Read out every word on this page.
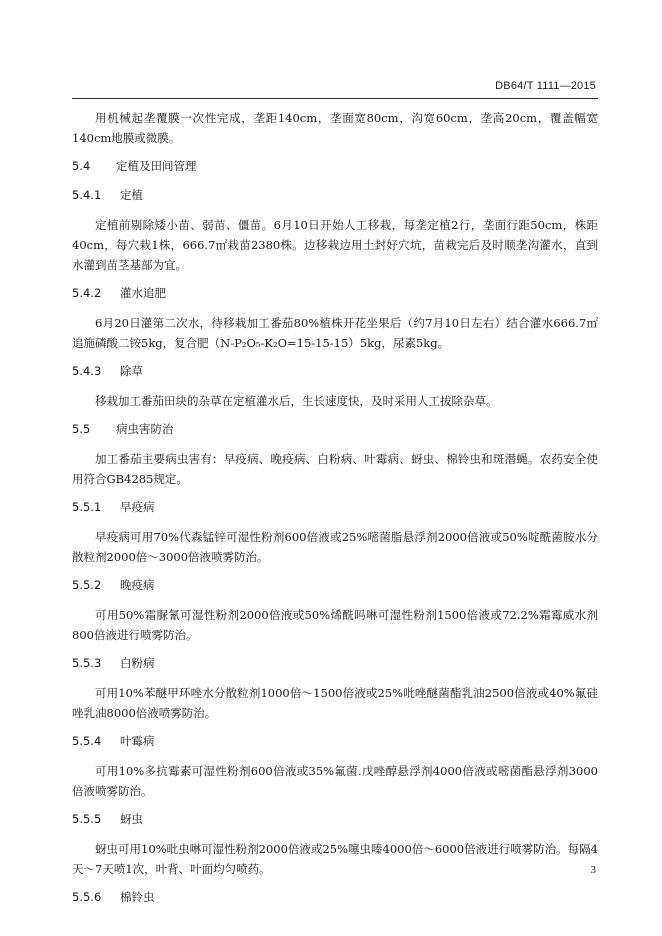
DB64/T 1111—2015

用机械起垄覆膜一次性完成，垄距140cm，垄面宽80cm，沟宽60cm，垄高20cm，覆盖幅宽140cm地膜或微膜。

5.4	定植及田间管理
5.4.1	定植

定植前剔除矮小苗、弱苗、僵苗。6月10日开始人工移栽，每垄定植2行，垄面行距50cm，株距40cm，每穴栽1株，666.7㎡栽苗2380株。边移栽边用土封好穴坑，苗栽完后及时顺垄沟灌水，直到水灌到苗茎基部为宜。

5.4.2	灌水追肥

6月20日灌第二次水，待移栽加工番茄80%植株开花坐果后（约7月10日左右）结合灌水666.7㎡追施磷酸二铵5kg，复合肥（N-P₂O₅-K₂O=15-15-15）5kg，尿素5kg。

5.4.3	除草

移栽加工番茄田块的杂草在定植灌水后，生长速度快，及时采用人工拔除杂草。

5.5	病虫害防治

加工番茄主要病虫害有：早疫病、晚疫病、白粉病、叶霉病、蚜虫、棉铃虫和斑潜蝇。农药安全使用符合GB4285规定。

5.5.1	早疫病

早疫病可用70%代森锰锌可湿性粉剂600倍液或25%嘧菌脂悬浮剂2000倍液或50%啶酰菌胺水分散粒剂2000倍～3000倍液喷雾防治。

5.5.2	晚疫病

可用50%霜脲氰可湿性粉剂2000倍液或50%烯酰吗啉可湿性粉剂1500倍液或72.2%霜霉威水剂800倍液进行喷雾防治。

5.5.3	白粉病

可用10%苯醚甲环唑水分散粒剂1000倍～1500倍液或25%吡唑醚菌酯乳油2500倍液或40%氟硅唑乳油8000倍液喷雾防治。

5.5.4	叶霉病

可用10%多抗霉素可湿性粉剂600倍液或35%氟菌.戊唑醇悬浮剂4000倍液或嘧菌酯悬浮剂3000倍液喷雾防治。

5.5.5	蚜虫

蚜虫可用10%吡虫啉可湿性粉剂2000倍液或25%噻虫嗪4000倍～6000倍液进行喷雾防治。每隔4天～7天喷1次，叶背、叶面均匀喷药。

5.5.6	棉铃虫
3
